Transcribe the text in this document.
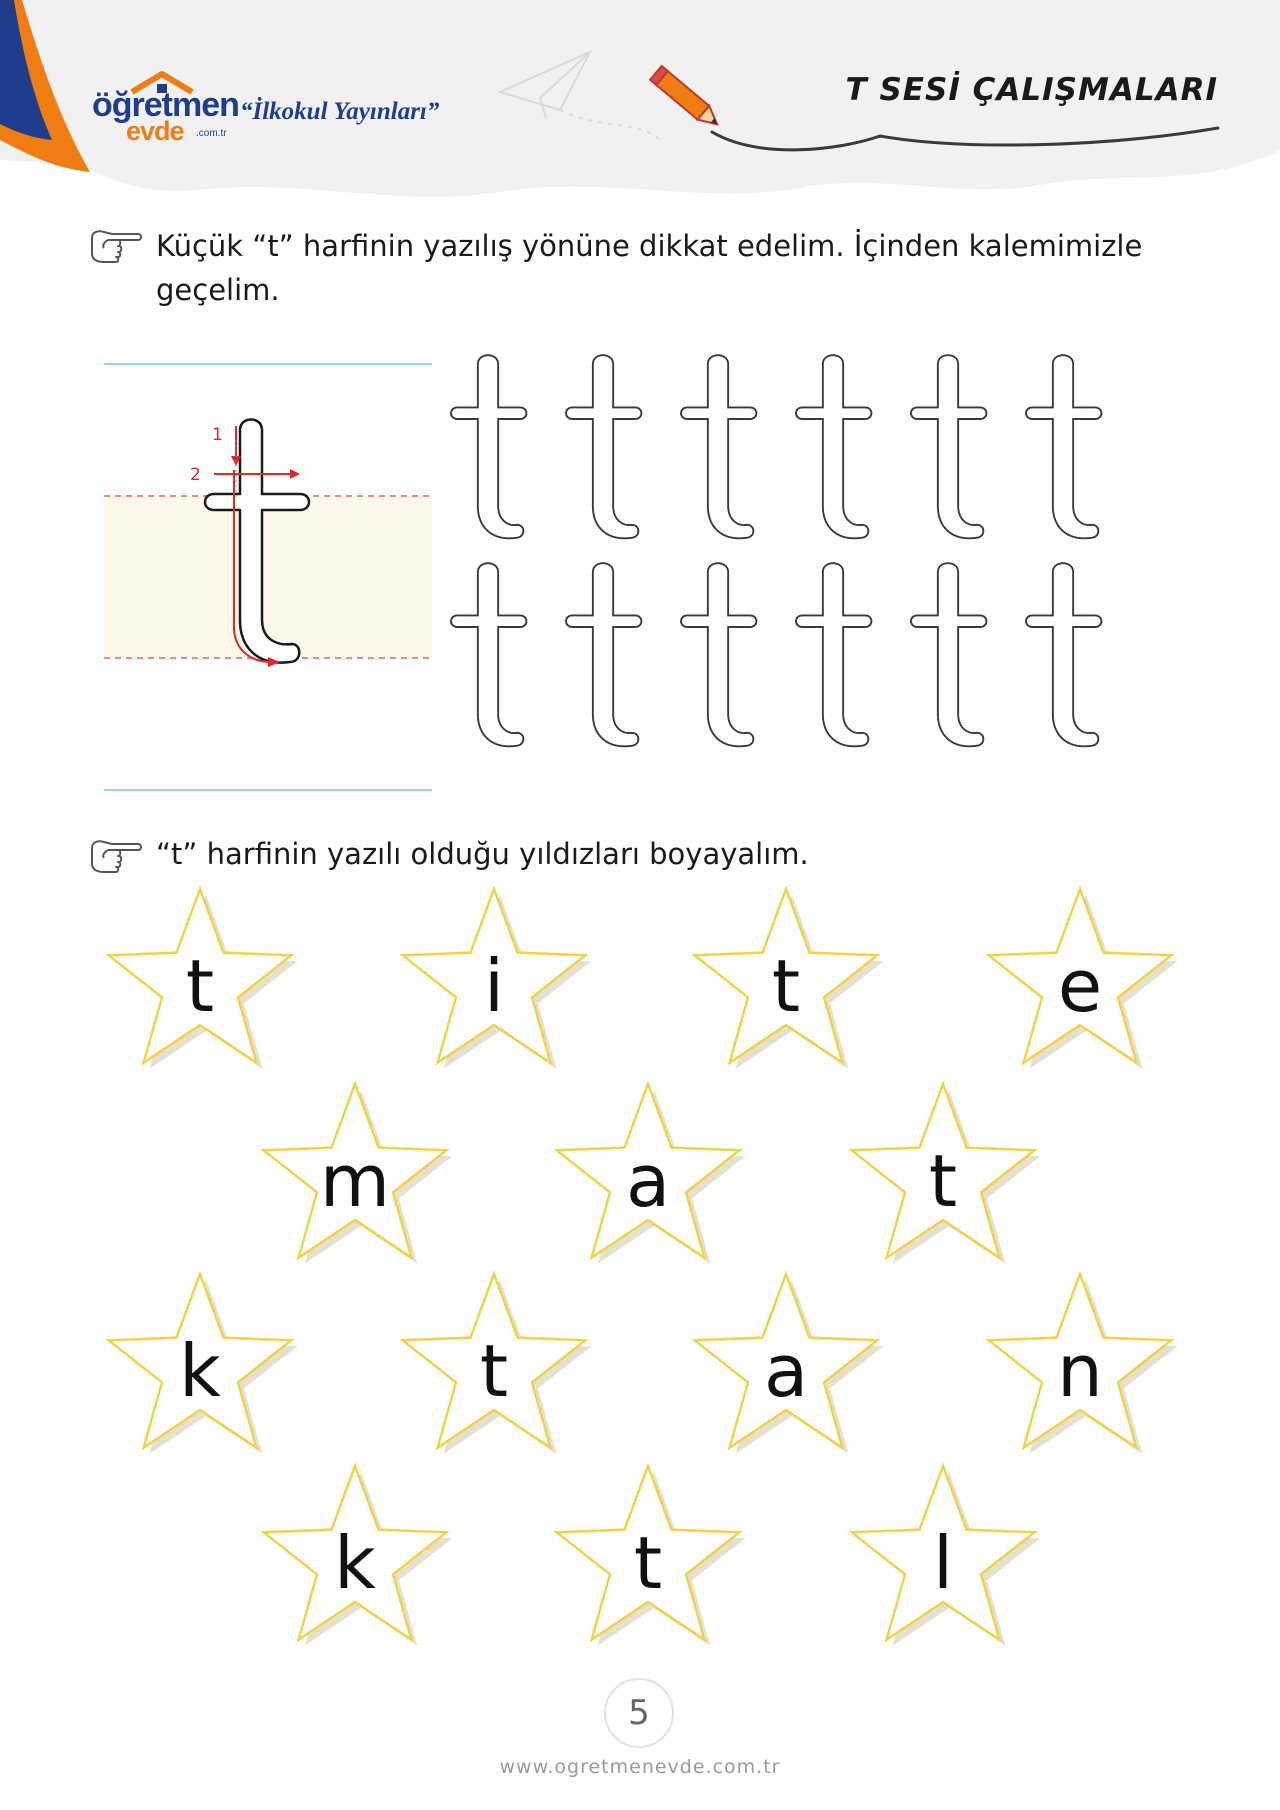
öğretmen
evde .com.tr
“İlkokul Yayınları”
T SESİ ÇALIŞMALARI
Küçük “t” harfinin yazılış yönüne dikkat edelim. İçinden kalemimizle
geçelim.
1
2
“t” harfinin yazılı olduğu yıldızları boyayalım.
t	i	t	e
m	a	t
k	t	a	n
k	t	l
5
www.ogretmenevde.com.tr
